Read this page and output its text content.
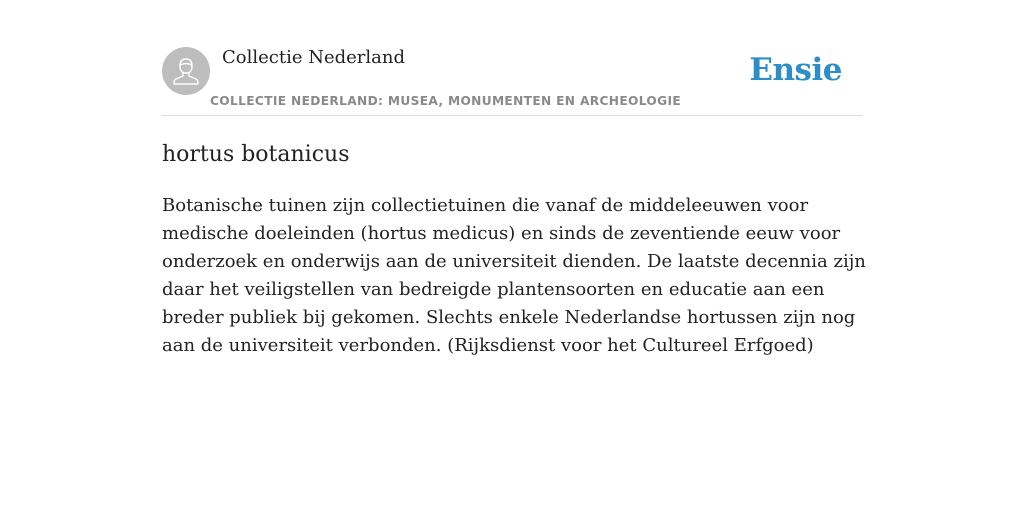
Collectie Nederland
COLLECTIE NEDERLAND: MUSEA, MONUMENTEN EN ARCHEOLOGIE
Ensie
hortus botanicus

Botanische tuinen zijn collectietuinen die vanaf de middeleeuwen voor medische doeleinden (hortus medicus) en sinds de zeventiende eeuw voor onderzoek en onderwijs aan de universiteit dienden. De laatste decennia zijn daar het veiligstellen van bedreigde plantensoorten en educatie aan een breder publiek bij gekomen. Slechts enkele Nederlandse hortussen zijn nog aan de universiteit verbonden. (Rijksdienst voor het Cultureel Erfgoed)
